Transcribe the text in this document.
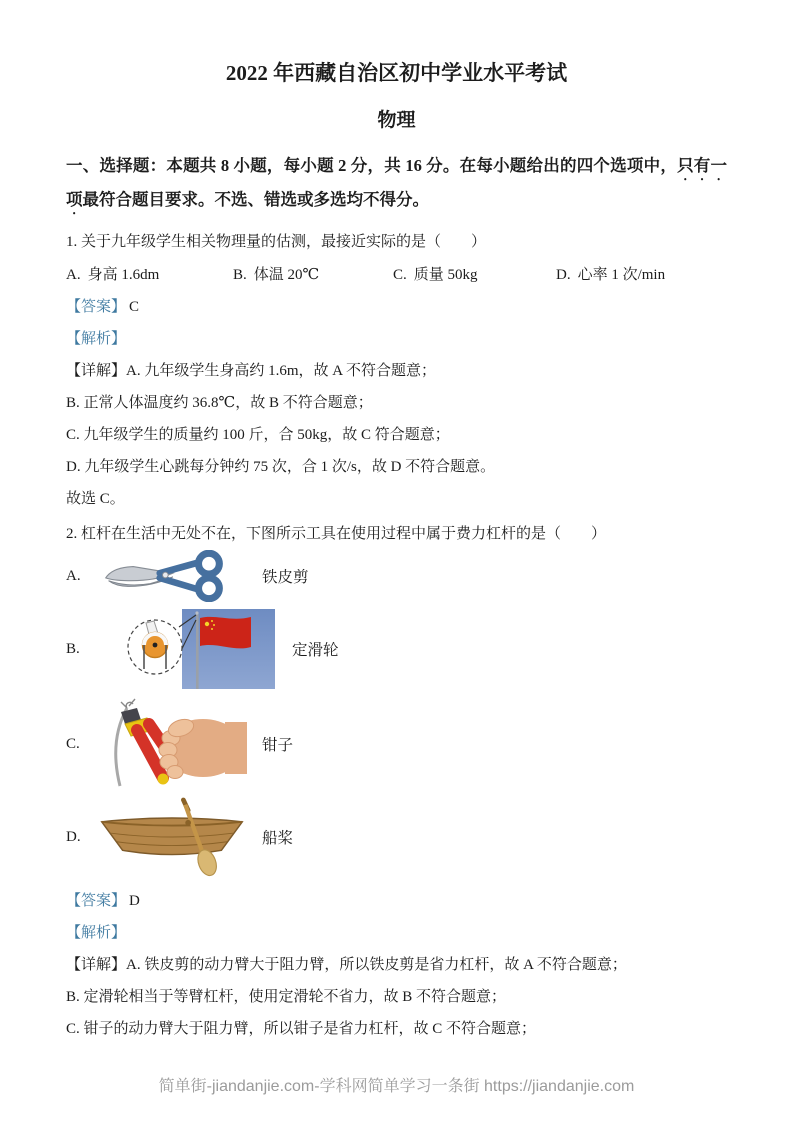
2022 年西藏自治区初中学业水平考试
物理

一、选择题：本题共 8 小题，每小题 2 分，共 16 分。在每小题给出的四个选项中，只有一项最符合题目要求。不选、错选或多选均不得分。

1. 关于九年级学生相关物理量的估测，最接近实际的是（　　）

A. 身高 1.6dm	B. 体温 20℃	C. 质量 50kg	D. 心率 1 次/min

【答案】 C

【解析】

【详解】A. 九年级学生身高约 1.6m，故 A 不符合题意；

B. 正常人体温度约 36.8℃，故 B 不符合题意；

C. 九年级学生的质量约 100 斤，合 50kg，故 C 符合题意；

D. 九年级学生心跳每分钟约 75 次，合 1 次/s，故 D 不符合题意。

故选 C。

2. 杠杆在生活中无处不在，下图所示工具在使用过程中属于费力杠杆的是（　　）

A.	铁皮剪
B.	定滑轮
C.	钳子
D.	船桨

【答案】 D

【解析】

【详解】A. 铁皮剪的动力臂大于阻力臂，所以铁皮剪是省力杠杆，故 A 不符合题意；

B. 定滑轮相当于等臂杠杆，使用定滑轮不省力，故 B 不符合题意；

C. 钳子的动力臂大于阻力臂，所以钳子是省力杠杆，故 C 不符合题意；

简单街-jiandanjie.com-学科网简单学习一条街 https://jiandanjie.com
